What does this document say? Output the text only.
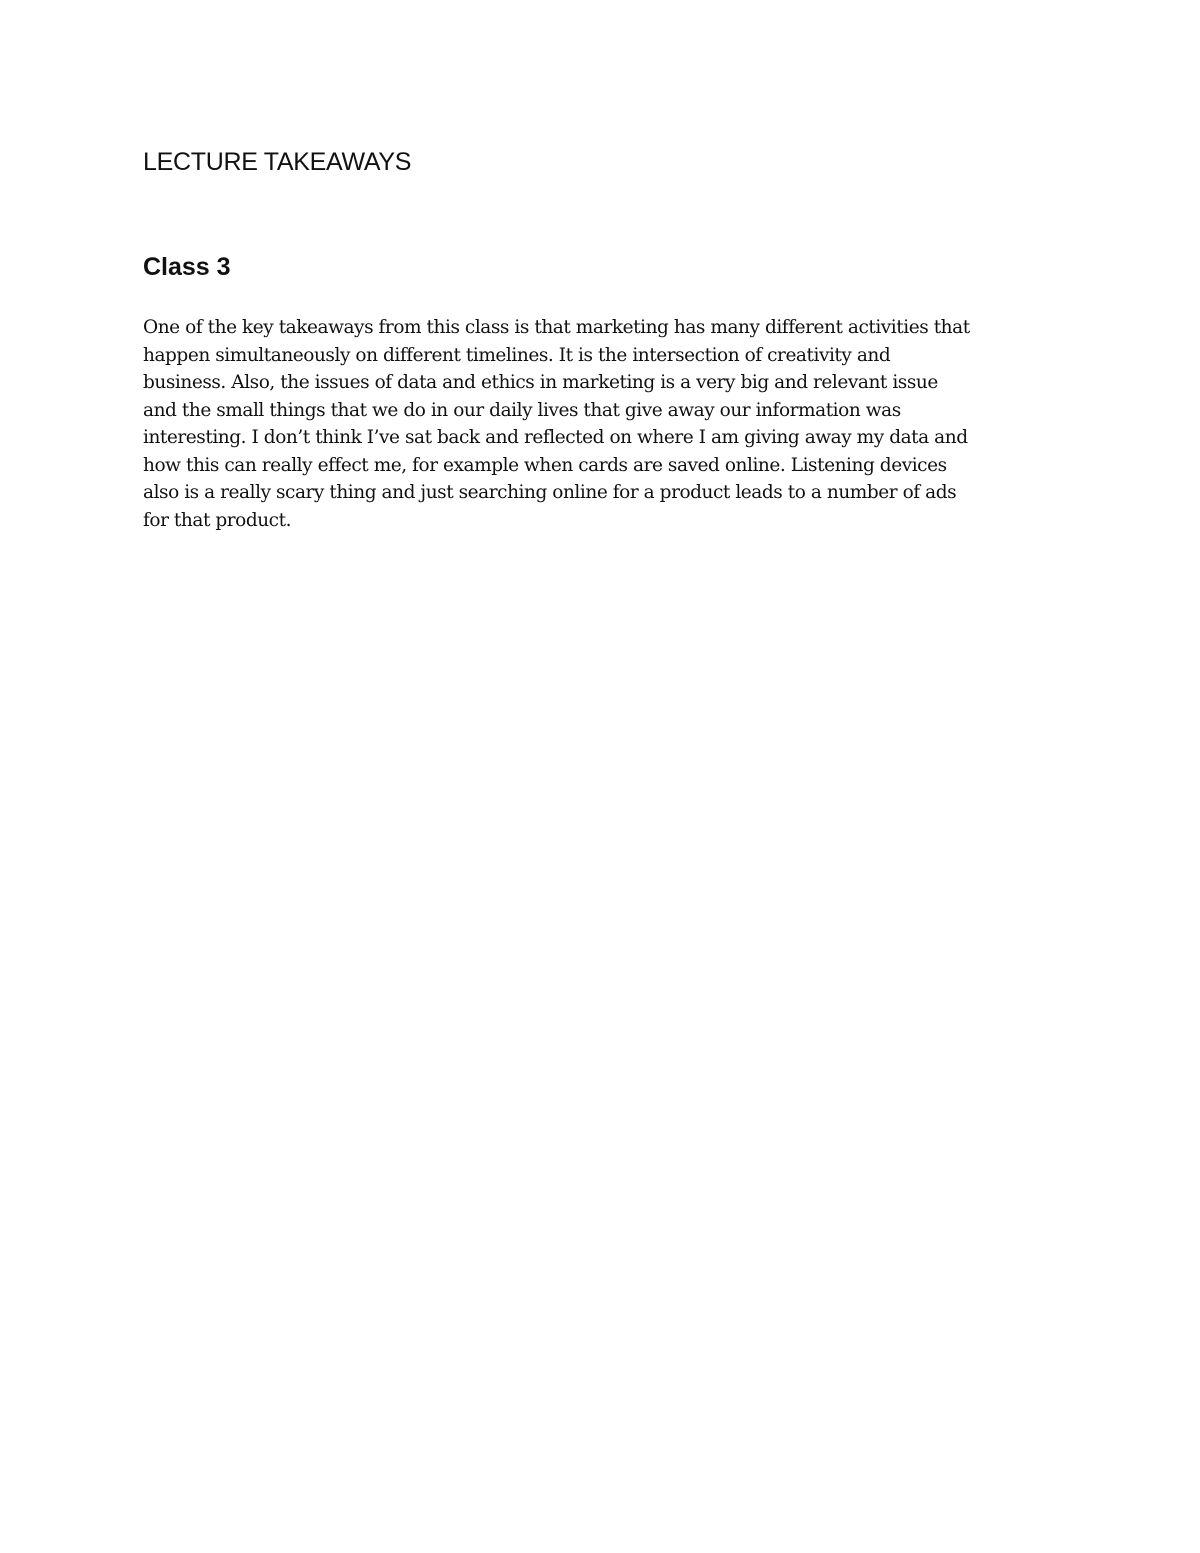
LECTURE TAKEAWAYS
Class 3

One of the key takeaways from this class is that marketing has many different activities that
happen simultaneously on different timelines. It is the intersection of creativity and
business. Also, the issues of data and ethics in marketing is a very big and relevant issue
and the small things that we do in our daily lives that give away our information was
interesting. I don’t think I’ve sat back and reflected on where I am giving away my data and
how this can really effect me, for example when cards are saved online. Listening devices
also is a really scary thing and just searching online for a product leads to a number of ads
for that product.
